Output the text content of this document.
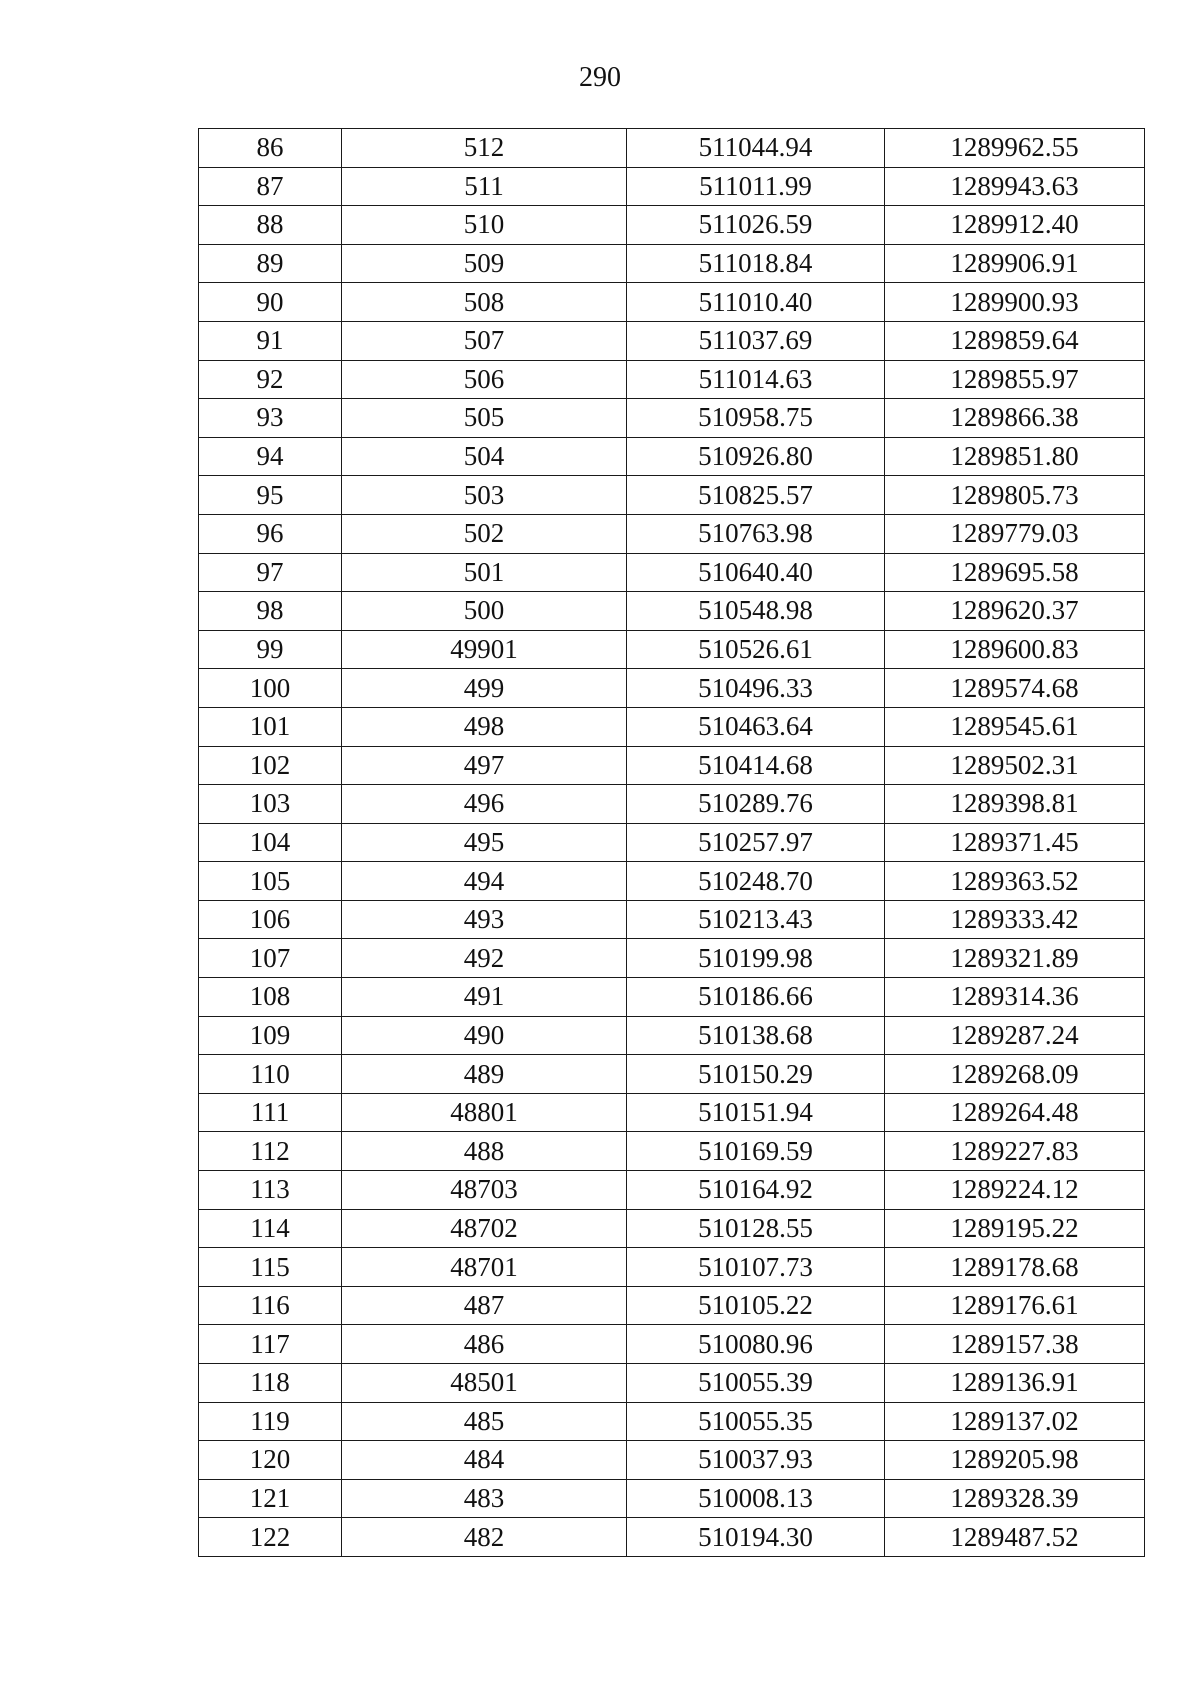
290
86	512	511044.94	1289962.55
87	511	511011.99	1289943.63
88	510	511026.59	1289912.40
89	509	511018.84	1289906.91
90	508	511010.40	1289900.93
91	507	511037.69	1289859.64
92	506	511014.63	1289855.97
93	505	510958.75	1289866.38
94	504	510926.80	1289851.80
95	503	510825.57	1289805.73
96	502	510763.98	1289779.03
97	501	510640.40	1289695.58
98	500	510548.98	1289620.37
99	49901	510526.61	1289600.83
100	499	510496.33	1289574.68
101	498	510463.64	1289545.61
102	497	510414.68	1289502.31
103	496	510289.76	1289398.81
104	495	510257.97	1289371.45
105	494	510248.70	1289363.52
106	493	510213.43	1289333.42
107	492	510199.98	1289321.89
108	491	510186.66	1289314.36
109	490	510138.68	1289287.24
110	489	510150.29	1289268.09
111	48801	510151.94	1289264.48
112	488	510169.59	1289227.83
113	48703	510164.92	1289224.12
114	48702	510128.55	1289195.22
115	48701	510107.73	1289178.68
116	487	510105.22	1289176.61
117	486	510080.96	1289157.38
118	48501	510055.39	1289136.91
119	485	510055.35	1289137.02
120	484	510037.93	1289205.98
121	483	510008.13	1289328.39
122	482	510194.30	1289487.52
